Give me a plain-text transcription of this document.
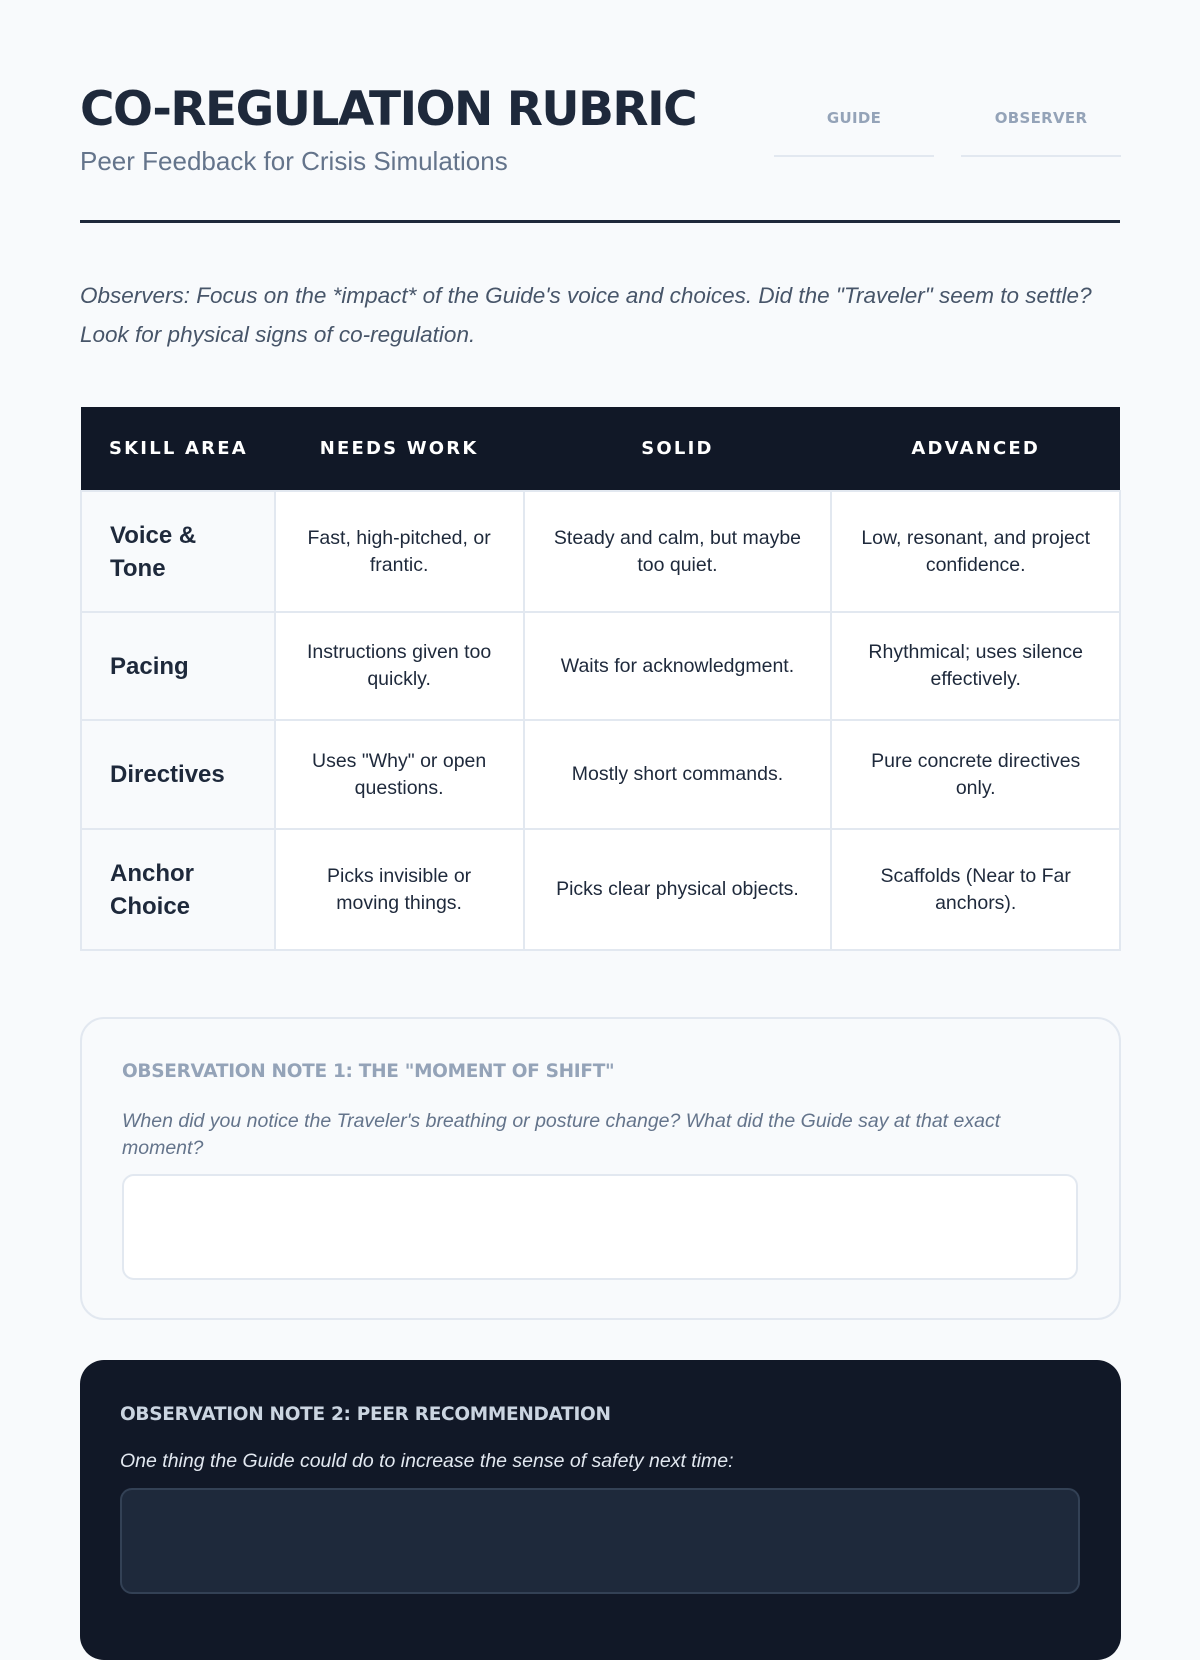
CO-REGULATION RUBRIC
Peer Feedback for Crisis Simulations
GUIDE	OBSERVER

Observers: Focus on the *impact* of the Guide's voice and choices. Did the "Traveler" seem to settle? Look for physical signs of co-regulation.

SKILL AREA	NEEDS WORK	SOLID	ADVANCED
Voice & Tone	Fast, high-pitched, or frantic.	Steady and calm, but maybe too quiet.	Low, resonant, and project confidence.
Pacing	Instructions given too quickly.	Waits for acknowledgment.	Rhythmical; uses silence effectively.
Directives	Uses "Why" or open questions.	Mostly short commands.	Pure concrete directives only.
Anchor Choice	Picks invisible or moving things.	Picks clear physical objects.	Scaffolds (Near to Far anchors).
OBSERVATION NOTE 1: THE "MOMENT OF SHIFT"

When did you notice the Traveler's breathing or posture change? What did the Guide say at that exact moment?

OBSERVATION NOTE 2: PEER RECOMMENDATION

One thing the Guide could do to increase the sense of safety next time:
